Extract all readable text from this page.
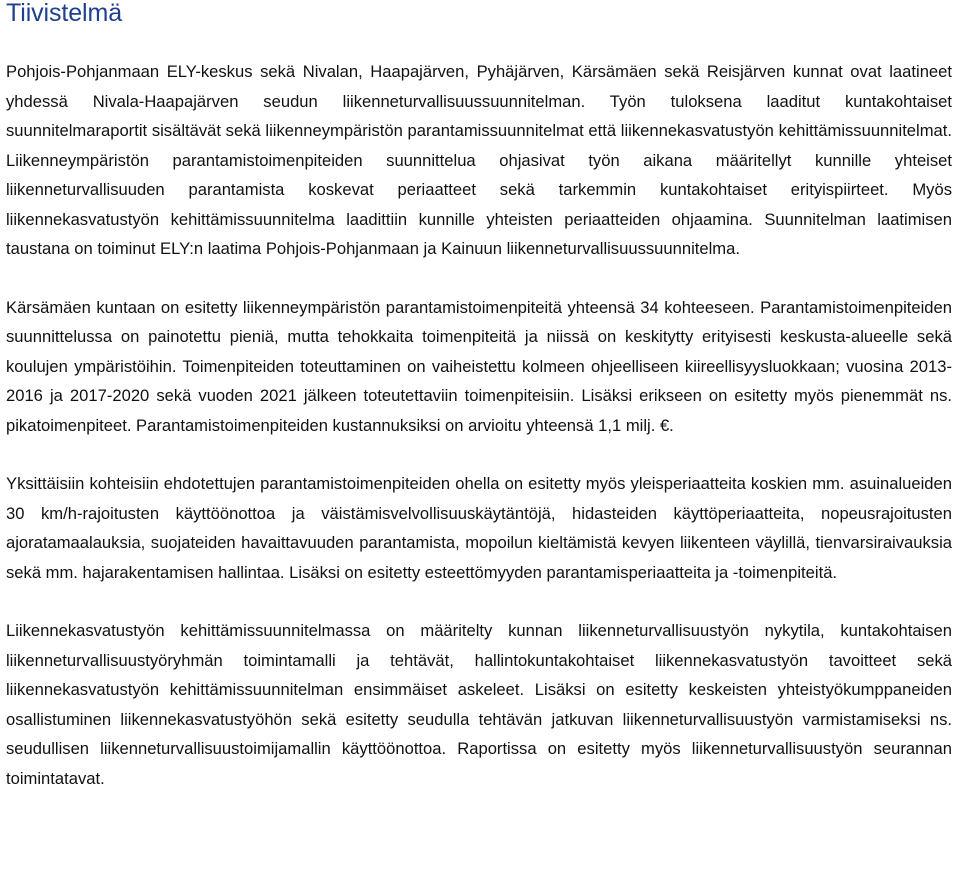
Tiivistelmä

Pohjois-Pohjanmaan ELY-keskus sekä Nivalan, Haapajärven, Pyhäjärven, Kärsämäen sekä Reisjärven kunnat ovat laatineet yhdessä Nivala-Haapajärven seudun liikenneturvallisuussuunnitelman. Työn tuloksena laaditut kuntakohtaiset suunnitelmaraportit sisältävät sekä liikenneympäristön parantamissuunnitelmat että liikennekasvatustyön kehittämissuunnitelmat. Liikenneympäristön parantamistoimenpiteiden suunnittelua ohjasivat työn aikana määritellyt kunnille yhteiset liikenneturvallisuuden parantamista koskevat periaatteet sekä tarkemmin kuntakohtaiset erityispiirteet. Myös liikennekasvatustyön kehittämissuunnitelma laadittiin kunnille yhteisten periaatteiden ohjaamina. Suunnitelman laatimisen taustana on toiminut ELY:n laatima Pohjois-Pohjanmaan ja Kainuun liikenneturvallisuussuunnitelma.

Kärsämäen kuntaan on esitetty liikenneympäristön parantamistoimenpiteitä yhteensä 34 kohteeseen. Parantamistoimenpiteiden suunnittelussa on painotettu pieniä, mutta tehokkaita toimenpiteitä ja niissä on keskitytty erityisesti keskusta-alueelle sekä koulujen ympäristöihin. Toimenpiteiden toteuttaminen on vaiheistettu kolmeen ohjeelliseen kiireellisyysluokkaan; vuosina 2013-2016 ja 2017-2020 sekä vuoden 2021 jälkeen toteutettaviin toimenpiteisiin. Lisäksi erikseen on esitetty myös pienemmät ns. pikatoimenpiteet. Parantamistoimenpiteiden kustannuksiksi on arvioitu yhteensä 1,1 milj. €.

Yksittäisiin kohteisiin ehdotettujen parantamistoimenpiteiden ohella on esitetty myös yleisperiaatteita koskien mm. asuinalueiden 30 km/h-rajoitusten käyttöönottoa ja väistämisvelvollisuuskäytäntöjä, hidasteiden käyttöperiaatteita, nopeusrajoitusten ajoratamaalauksia, suojateiden havaittavuuden parantamista, mopoilun kieltämistä kevyen liikenteen väylillä, tienvarsiraivauksia sekä mm. hajarakentamisen hallintaa. Lisäksi on esitetty esteettömyyden parantamisperiaatteita ja -toimenpiteitä.

Liikennekasvatustyön kehittämissuunnitelmassa on määritelty kunnan liikenneturvallisuustyön nykytila, kuntakohtaisen liikenneturvallisuustyöryhmän toimintamalli ja tehtävät, hallintokuntakohtaiset liikennekasvatustyön tavoitteet sekä liikennekasvatustyön kehittämissuunnitelman ensimmäiset askeleet. Lisäksi on esitetty keskeisten yhteistyökumppaneiden osallistuminen liikennekasvatustyöhön sekä esitetty seudulla tehtävän jatkuvan liikenneturvallisuustyön varmistamiseksi ns. seudullisen liikenneturvallisuustoimijamallin käyttöönottoa. Raportissa on esitetty myös liikenneturvallisuustyön seurannan toimintatavat.
